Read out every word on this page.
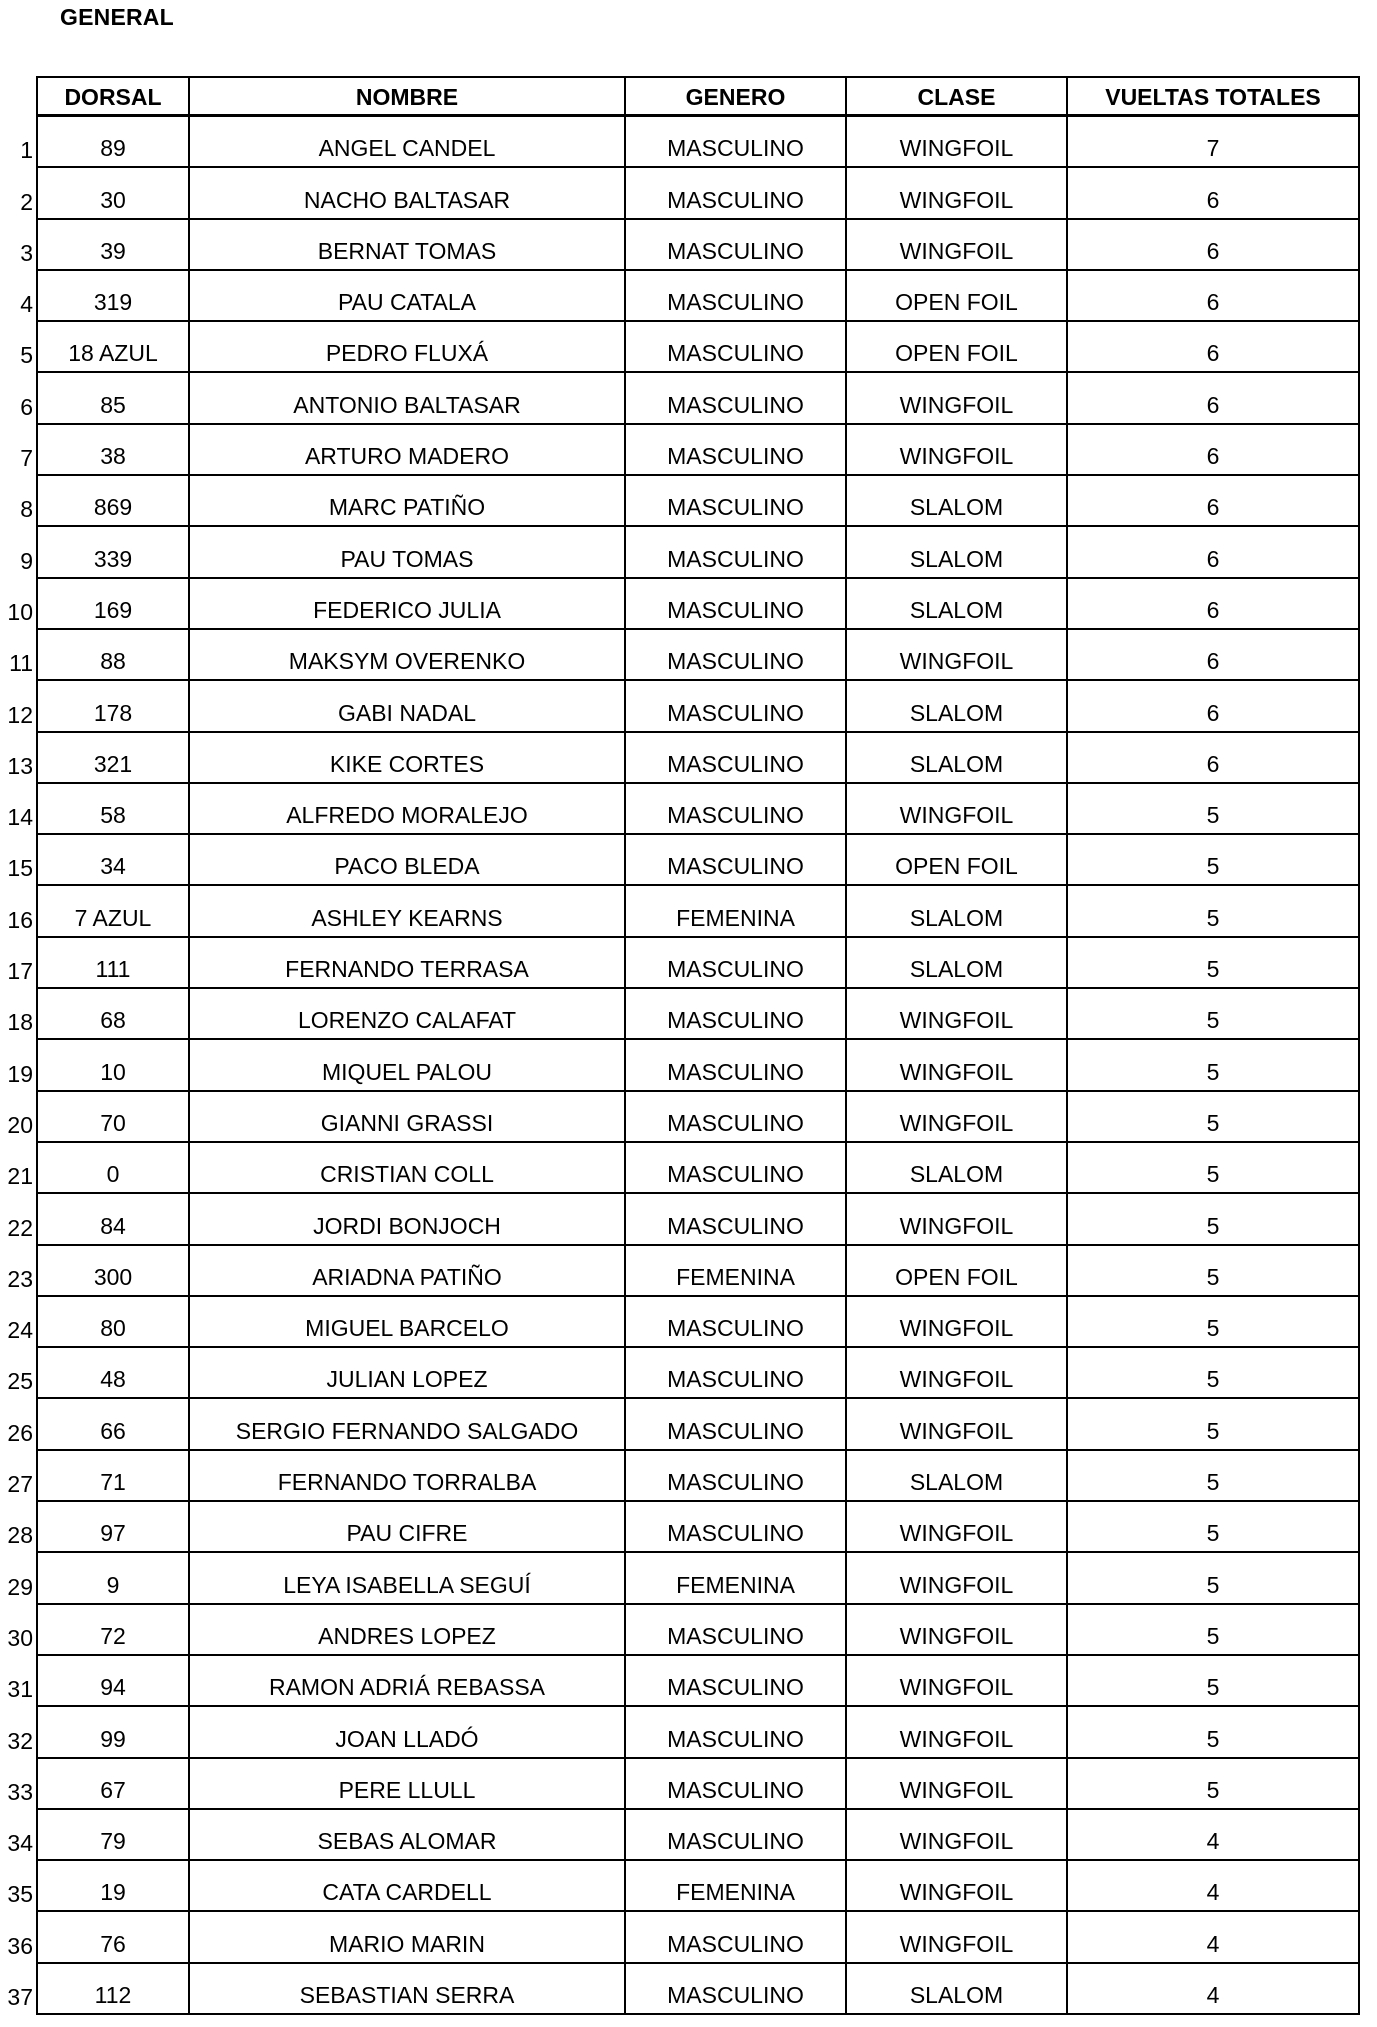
GENERAL
DORSAL	NOMBRE	GENERO	CLASE	VUELTAS TOTALES
1	89	ANGEL CANDEL	MASCULINO	WINGFOIL	7
2	30	NACHO BALTASAR	MASCULINO	WINGFOIL	6
3	39	BERNAT TOMAS	MASCULINO	WINGFOIL	6
4	319	PAU CATALA	MASCULINO	OPEN FOIL	6
5	18 AZUL	PEDRO FLUXÁ	MASCULINO	OPEN FOIL	6
6	85	ANTONIO BALTASAR	MASCULINO	WINGFOIL	6
7	38	ARTURO MADERO	MASCULINO	WINGFOIL	6
8	869	MARC PATIÑO	MASCULINO	SLALOM	6
9	339	PAU TOMAS	MASCULINO	SLALOM	6
10	169	FEDERICO JULIA	MASCULINO	SLALOM	6
11	88	MAKSYM OVERENKO	MASCULINO	WINGFOIL	6
12	178	GABI NADAL	MASCULINO	SLALOM	6
13	321	KIKE CORTES	MASCULINO	SLALOM	6
14	58	ALFREDO MORALEJO	MASCULINO	WINGFOIL	5
15	34	PACO BLEDA	MASCULINO	OPEN FOIL	5
16	7 AZUL	ASHLEY KEARNS	FEMENINA	SLALOM	5
17	111	FERNANDO TERRASA	MASCULINO	SLALOM	5
18	68	LORENZO CALAFAT	MASCULINO	WINGFOIL	5
19	10	MIQUEL PALOU	MASCULINO	WINGFOIL	5
20	70	GIANNI GRASSI	MASCULINO	WINGFOIL	5
21	0	CRISTIAN COLL	MASCULINO	SLALOM	5
22	84	JORDI BONJOCH	MASCULINO	WINGFOIL	5
23	300	ARIADNA PATIÑO	FEMENINA	OPEN FOIL	5
24	80	MIGUEL BARCELO	MASCULINO	WINGFOIL	5
25	48	JULIAN LOPEZ	MASCULINO	WINGFOIL	5
26	66	SERGIO FERNANDO SALGADO	MASCULINO	WINGFOIL	5
27	71	FERNANDO TORRALBA	MASCULINO	SLALOM	5
28	97	PAU CIFRE	MASCULINO	WINGFOIL	5
29	9	LEYA ISABELLA SEGUÍ	FEMENINA	WINGFOIL	5
30	72	ANDRES LOPEZ	MASCULINO	WINGFOIL	5
31	94	RAMON ADRIÁ REBASSA	MASCULINO	WINGFOIL	5
32	99	JOAN LLADÓ	MASCULINO	WINGFOIL	5
33	67	PERE LLULL	MASCULINO	WINGFOIL	5
34	79	SEBAS ALOMAR	MASCULINO	WINGFOIL	4
35	19	CATA CARDELL	FEMENINA	WINGFOIL	4
36	76	MARIO MARIN	MASCULINO	WINGFOIL	4
37	112	SEBASTIAN SERRA	MASCULINO	SLALOM	4
